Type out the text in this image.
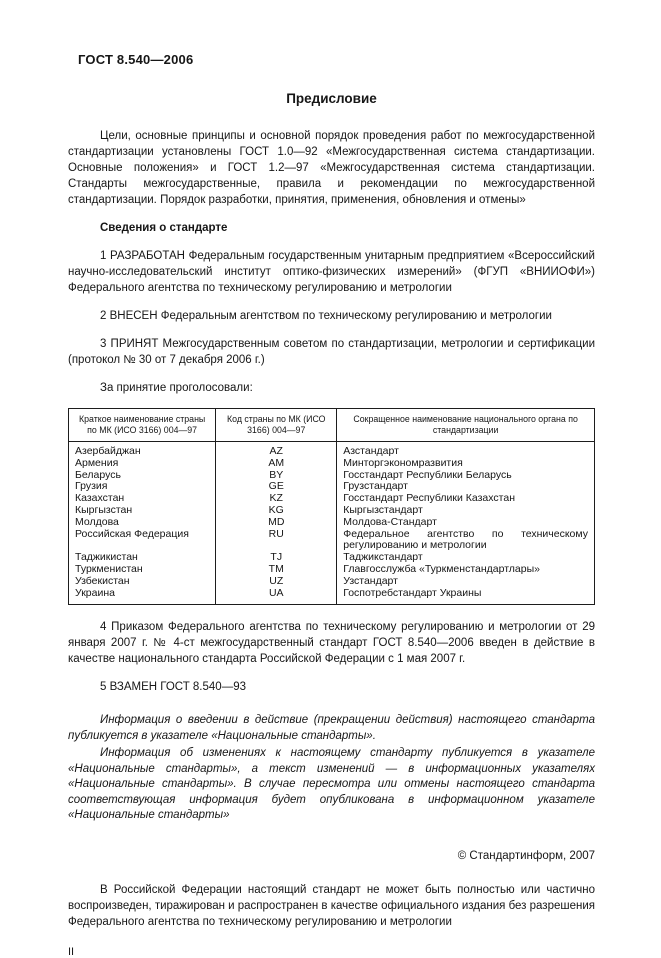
ГОСТ 8.540—2006
Предисловие

Цели, основные принципы и основной порядок проведения работ по межгосударственной стандартизации установлены ГОСТ 1.0—92 «Межгосударственная система стандартизации. Основные положения» и ГОСТ 1.2—97 «Межгосударственная система стандартизации. Стандарты межгосударственные, правила и рекомендации по межгосударственной стандартизации. Порядок разработки, принятия, применения, обновления и отмены»

Сведения о стандарте

1 РАЗРАБОТАН Федеральным государственным унитарным предприятием «Всероссийский научно-исследовательский институт оптико-физических измерений» (ФГУП «ВНИИОФИ») Федерального агентства по техническому регулированию и метрологии

2 ВНЕСЕН Федеральным агентством по техническому регулированию и метрологии

3 ПРИНЯТ Межгосударственным советом по стандартизации, метрологии и сертификации (протокол № 30 от 7 декабря 2006 г.)

За принятие проголосовали:

Краткое наименование страны по МК (ИСО 3166) 004—97	Код страны по МК (ИСО 3166) 004—97	Сокращенное наименование национального органа по стандартизации
Азербайджан	AZ	Азстандарт
Армения	AM	Минторгэкономразвития
Беларусь	BY	Госстандарт Республики Беларусь
Грузия	GE	Грузстандарт
Казахстан	KZ	Госстандарт Республики Казахстан
Кыргызстан	KG	Кыргызстандарт
Молдова	MD	Молдова-Стандарт
Российская Федерация	RU	Федеральное агентство по техническому регулированию и метрологии
Таджикистан	TJ	Таджикстандарт
Туркменистан	TM	Главгосслужба «Туркменстандартлары»
Узбекистан	UZ	Узстандарт
Украина	UA	Госпотребстандарт Украины

4 Приказом Федерального агентства по техническому регулированию и метрологии от 29 января 2007 г. № 4-ст межгосударственный стандарт ГОСТ 8.540—2006 введен в действие в качестве национального стандарта Российской Федерации с 1 мая 2007 г.

5 ВЗАМЕН ГОСТ 8.540—93

Информация о введении в действие (прекращении действия) настоящего стандарта публикуется в указателе «Национальные стандарты».

Информация об изменениях к настоящему стандарту публикуется в указателе «Национальные стандарты», а текст изменений — в информационных указателях «Национальные стандарты». В случае пересмотра или отмены настоящего стандарта соответствующая информация будет опубликована в информационном указателе «Национальные стандарты»

© Стандартинформ, 2007

В Российской Федерации настоящий стандарт не может быть полностью или частично воспроизведен, тиражирован и распространен в качестве официального издания без разрешения Федерального агентства по техническому регулированию и метрологии

II
